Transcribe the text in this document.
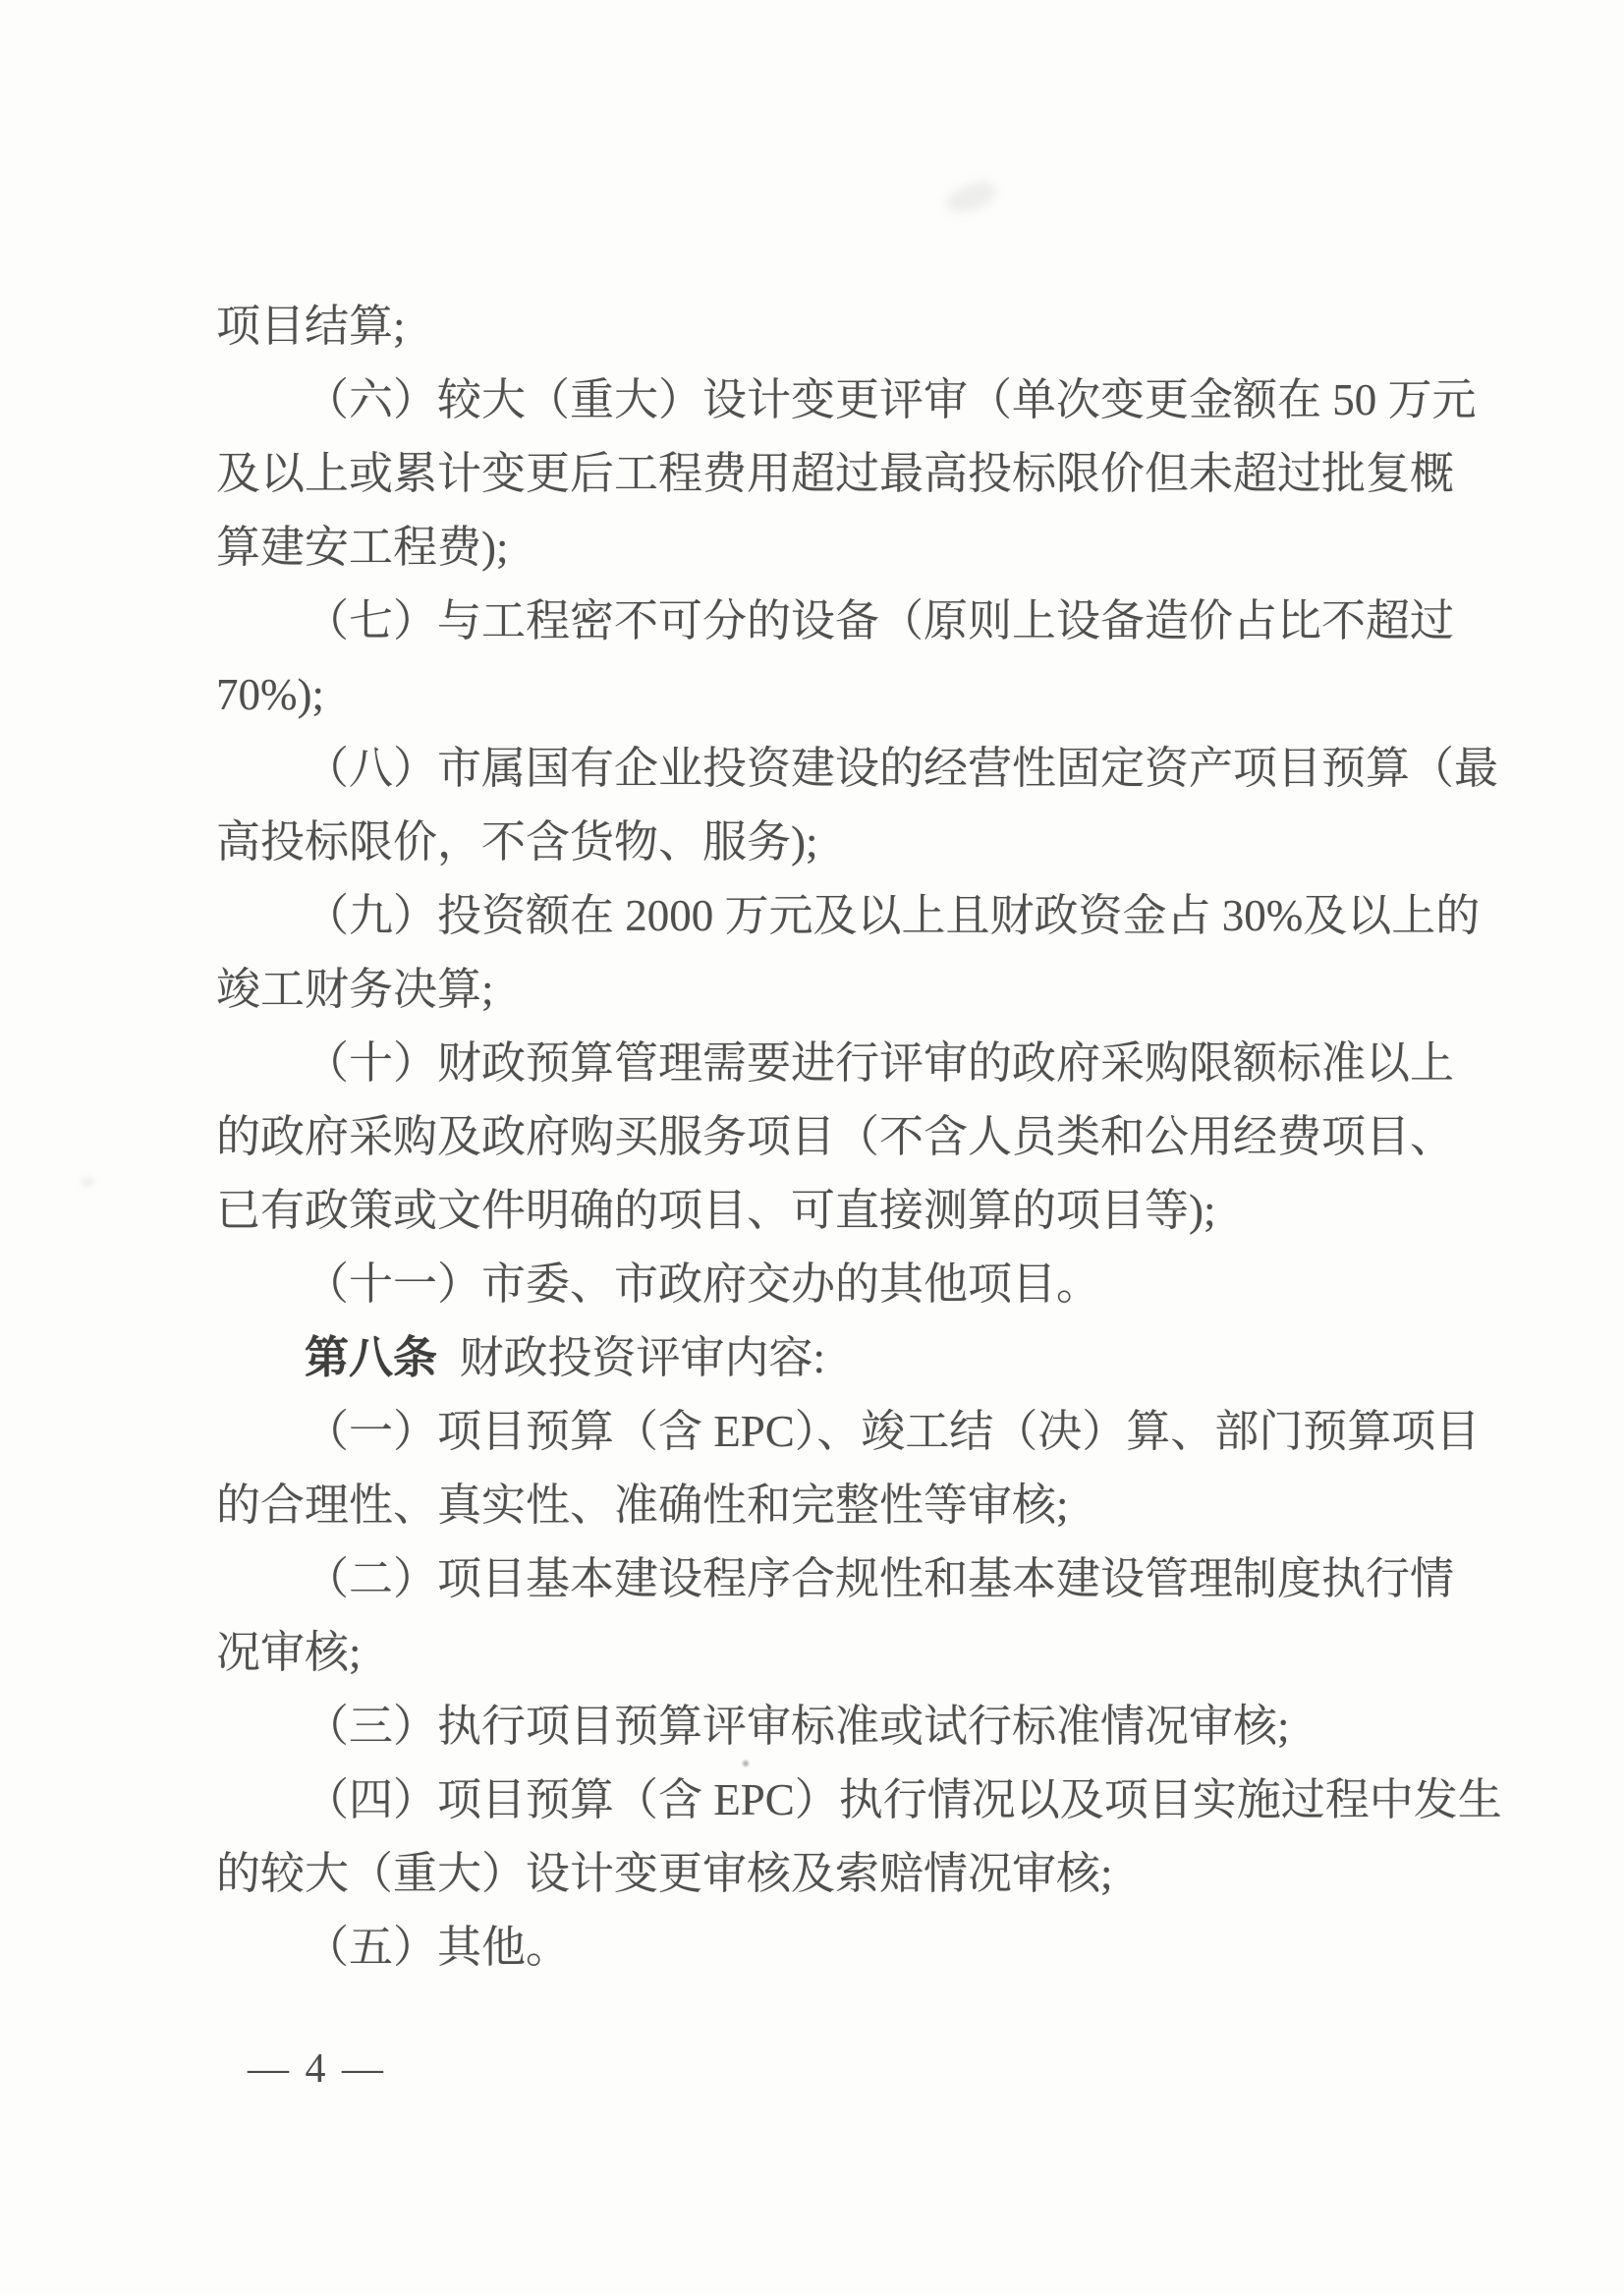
项目结算;
（六）较大（重大）设计变更评审（单次变更金额在 50 万元
及以上或累计变更后工程费用超过最高投标限价但未超过批复概
算建安工程费);
（七）与工程密不可分的设备（原则上设备造价占比不超过
70%);
（八）市属国有企业投资建设的经营性固定资产项目预算（最
高投标限价，不含货物、服务);
（九）投资额在 2000 万元及以上且财政资金占 30%及以上的
竣工财务决算;
（十）财政预算管理需要进行评审的政府采购限额标准以上
的政府采购及政府购买服务项目（不含人员类和公用经费项目、
已有政策或文件明确的项目、可直接测算的项目等);
（十一）市委、市政府交办的其他项目。
第八条  财政投资评审内容:
（一）项目预算（含 EPC）、竣工结（决）算、部门预算项目
的合理性、真实性、准确性和完整性等审核;
（二）项目基本建设程序合规性和基本建设管理制度执行情
况审核;
（三）执行项目预算评审标准或试行标准情况审核;
（四）项目预算（含 EPC）执行情况以及项目实施过程中发生
的较大（重大）设计变更审核及索赔情况审核;
（五）其他。
— 4 —
